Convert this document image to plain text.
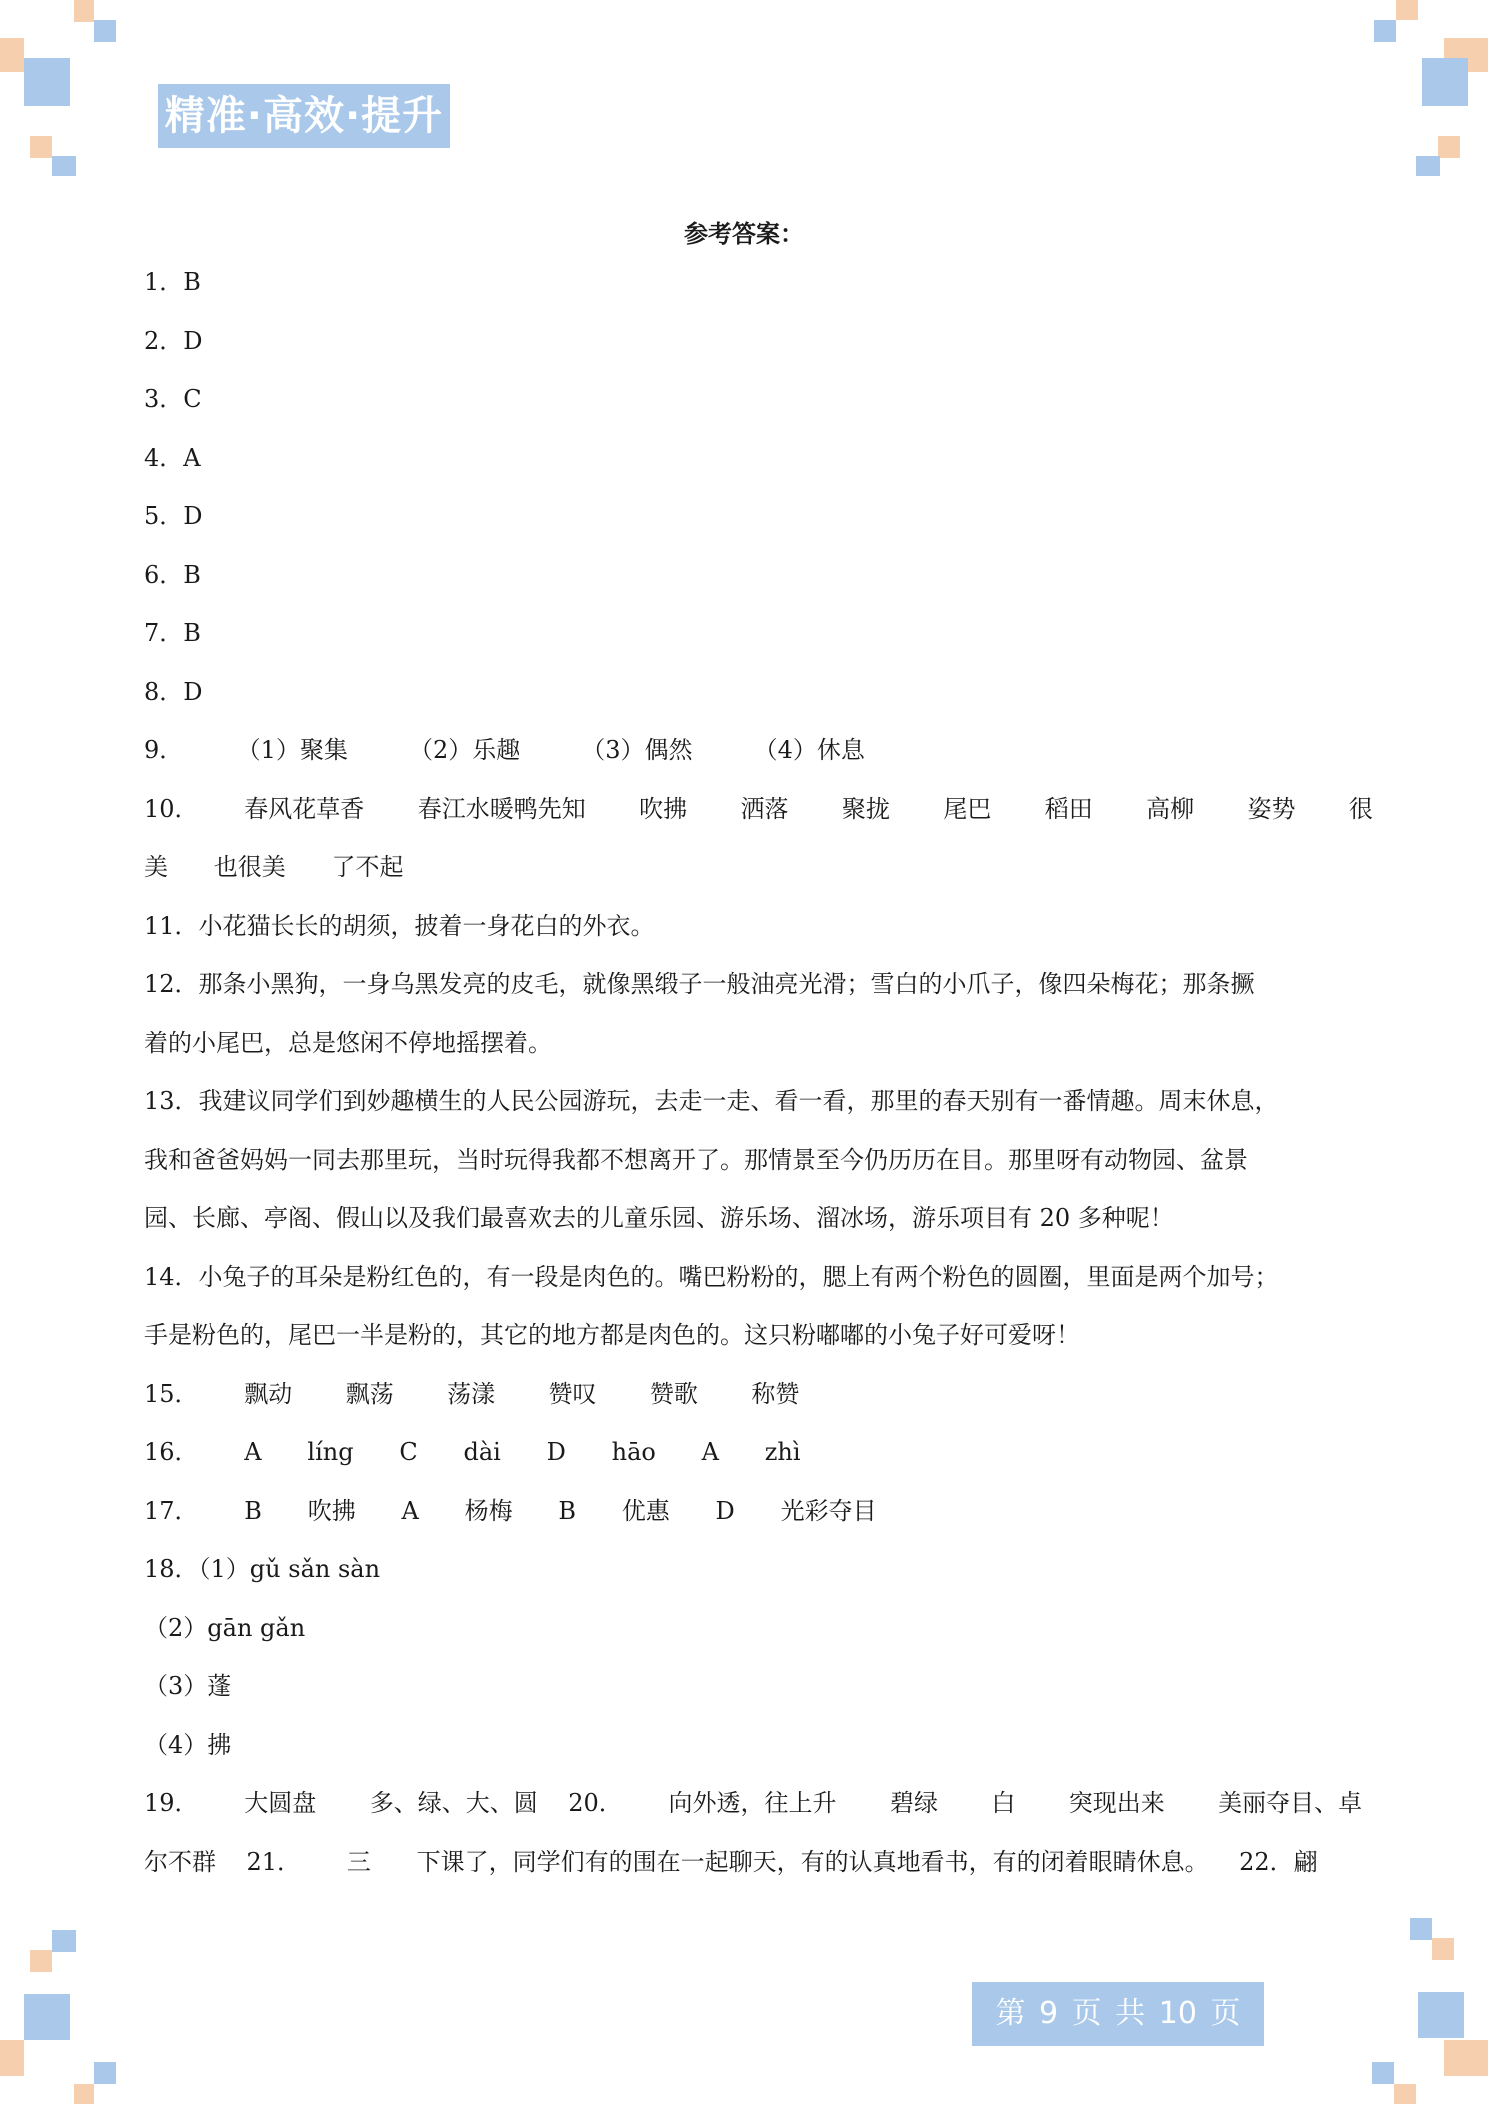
精准·高效·提升
参考答案：
1．B
2．D
3．C
4．A
5．D
6．B
7．B
8．D
9．       （1）聚集        （2）乐趣        （3）偶然        （4）休息
10．      春风花草香       春江水暖鸭先知       吹拂       洒落       聚拢       尾巴       稻田       高柳       姿势       很
美      也很美      了不起
11．小花猫长长的胡须，披着一身花白的外衣。
12．那条小黑狗，一身乌黑发亮的皮毛，就像黑缎子一般油亮光滑；雪白的小爪子，像四朵梅花；那条撅
着的小尾巴，总是悠闲不停地摇摆着。
13．我建议同学们到妙趣横生的人民公园游玩，去走一走、看一看，那里的春天别有一番情趣。周末休息，
我和爸爸妈妈一同去那里玩，当时玩得我都不想离开了。那情景至今仍历历在目。那里呀有动物园、盆景
园、长廊、亭阁、假山以及我们最喜欢去的儿童乐园、游乐场、溜冰场，游乐项目有 20 多种呢！
14．小兔子的耳朵是粉红色的，有一段是肉色的。嘴巴粉粉的，腮上有两个粉色的圆圈，里面是两个加号；
手是粉色的，尾巴一半是粉的，其它的地方都是肉色的。这只粉嘟嘟的小兔子好可爱呀！
15．      飘动       飘荡       荡漾       赞叹       赞歌       称赞
16．      A      líng      C      dài      D      hāo      A      zhì
17．      B      吹拂      A      杨梅      B      优惠      D      光彩夺目
18．（1）gǔ sǎn sàn
（2）gān gǎn
（3）蓬
（4）拂
19．      大圆盘       多、绿、大、圆    20．      向外透，往上升       碧绿       白       突现出来       美丽夺目、卓
尔不群    21．      三      下课了，同学们有的围在一起聊天，有的认真地看书，有的闭着眼睛休息。    22．翩
第 9 页 共 10 页
